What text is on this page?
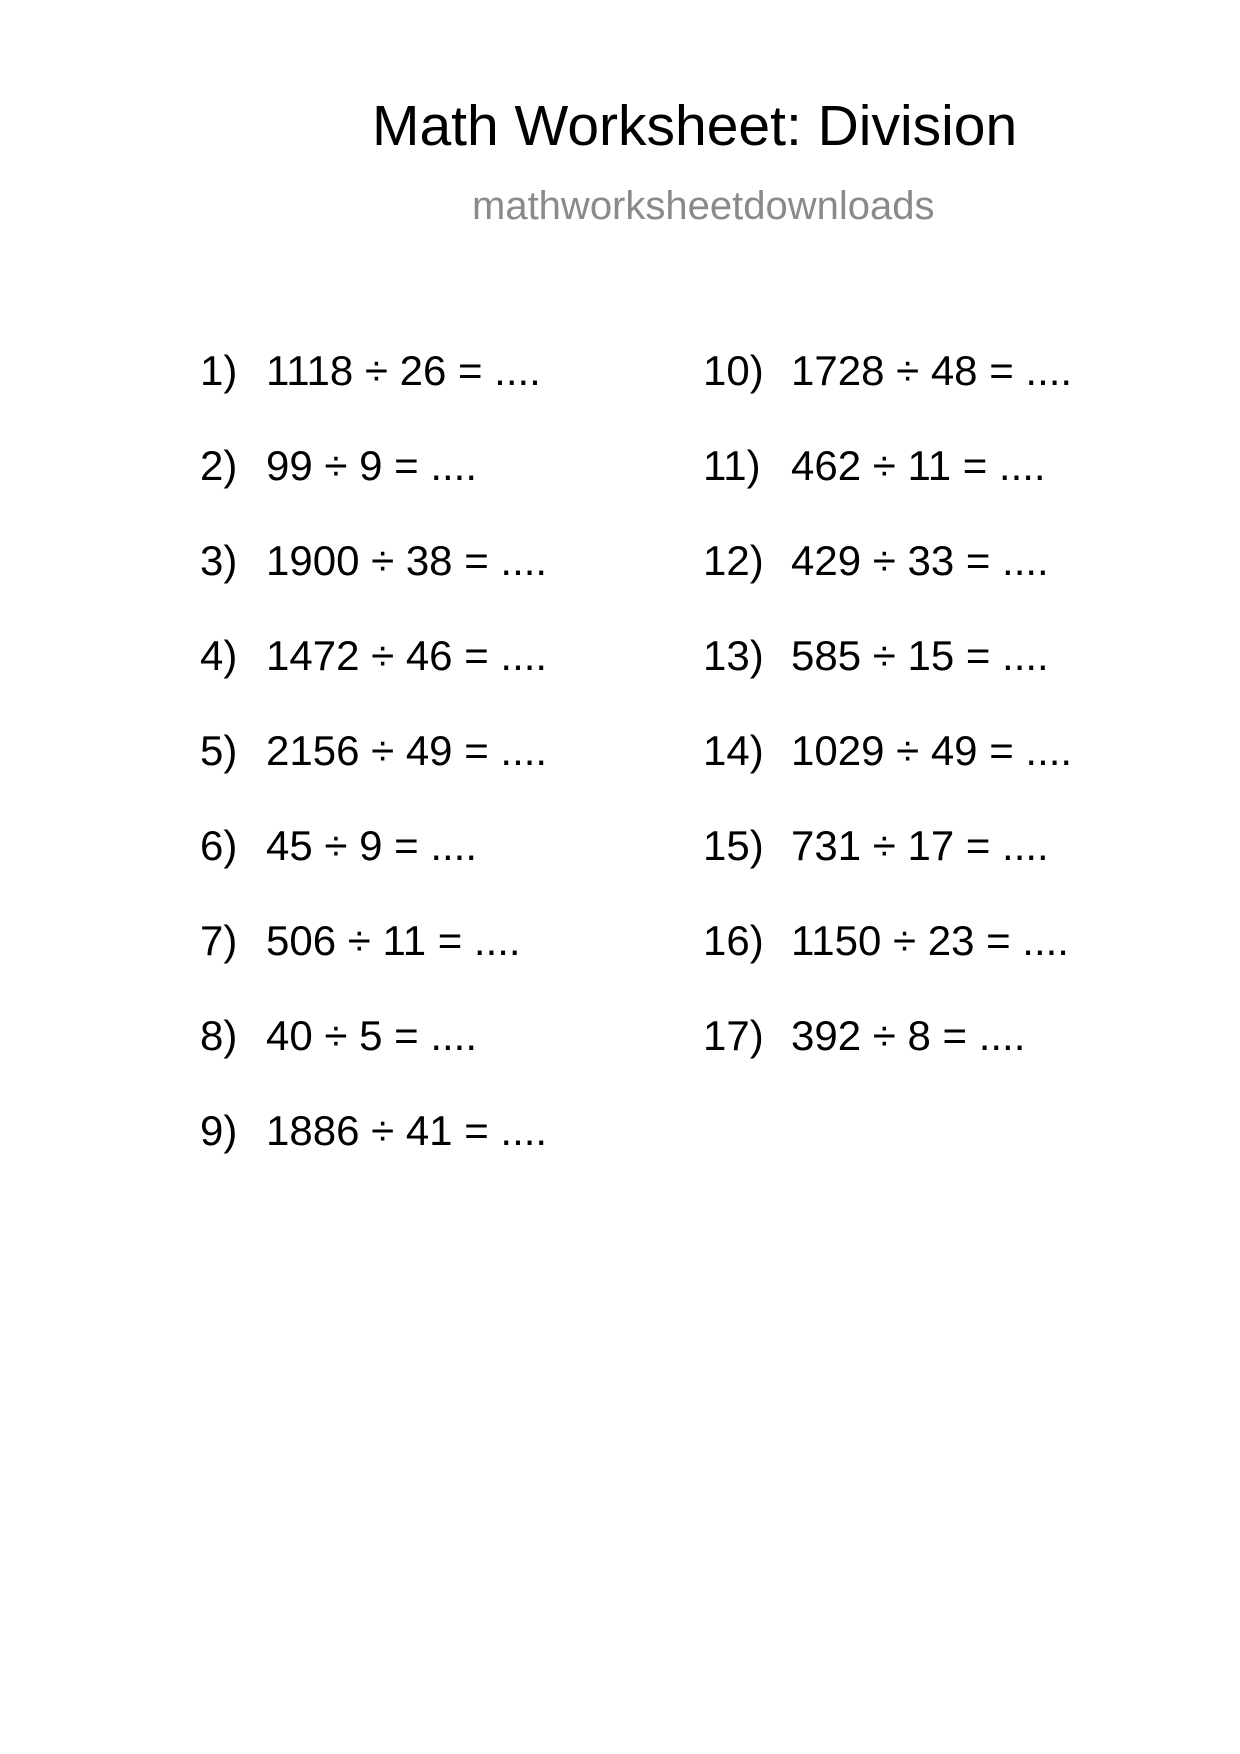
Math Worksheet: Division
mathworksheetdownloads
1) 1118 ÷ 26 = ....
2) 99 ÷ 9 = ....
3) 1900 ÷ 38 = ....
4) 1472 ÷ 46 = ....
5) 2156 ÷ 49 = ....
6) 45 ÷ 9 = ....
7) 506 ÷ 11 = ....
8) 40 ÷ 5 = ....
9) 1886 ÷ 41 = ....
10) 1728 ÷ 48 = ....
11) 462 ÷ 11 = ....
12) 429 ÷ 33 = ....
13) 585 ÷ 15 = ....
14) 1029 ÷ 49 = ....
15) 731 ÷ 17 = ....
16) 1150 ÷ 23 = ....
17) 392 ÷ 8 = ....
